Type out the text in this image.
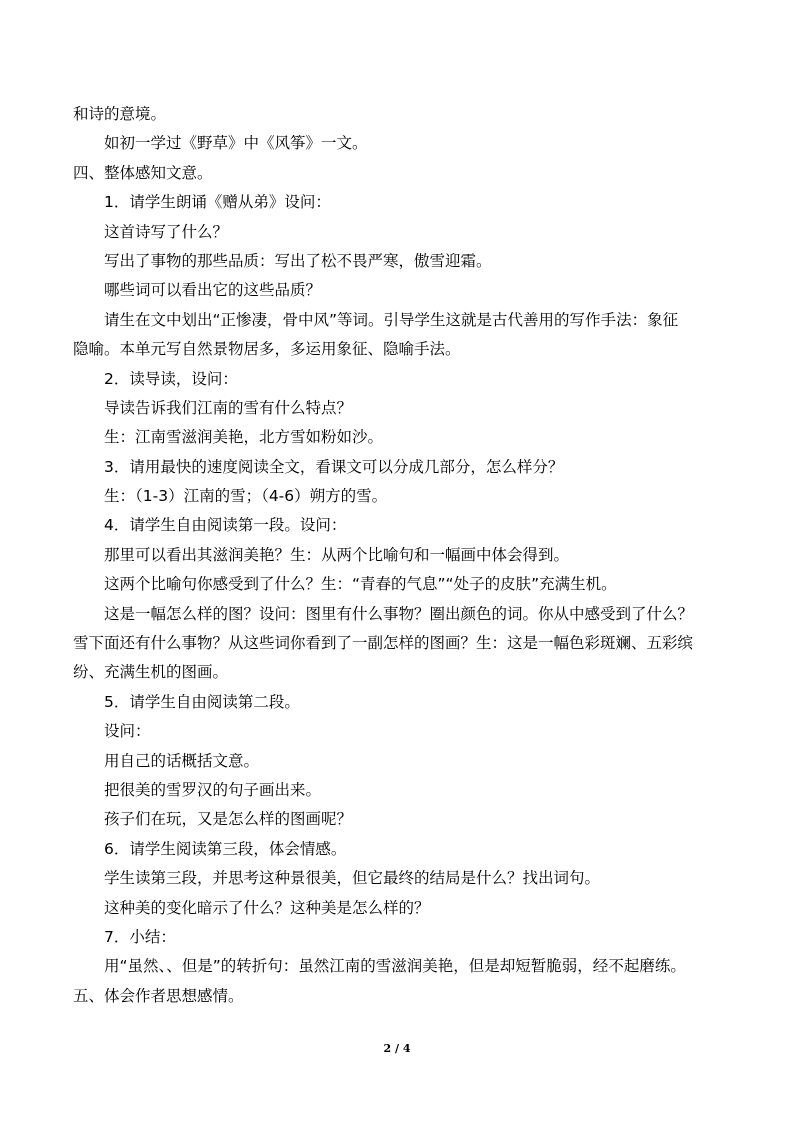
和诗的意境。
如初一学过《野草》中《风筝》一文。
四、整体感知文意。
1．请学生朗诵《赠从弟》设问：
这首诗写了什么？
写出了事物的那些品质：写出了松不畏严寒，傲雪迎霜。
哪些词可以看出它的这些品质？
请生在文中划出“正惨凄，骨中风”等词。引导学生这就是古代善用的写作手法：象征
隐喻。本单元写自然景物居多，多运用象征、隐喻手法。
2．读导读，设问：
导读告诉我们江南的雪有什么特点？
生：江南雪滋润美艳，北方雪如粉如沙。
3．请用最快的速度阅读全文，看课文可以分成几部分，怎么样分？
生：（1-3）江南的雪；（4-6）朔方的雪。
4．请学生自由阅读第一段。设问：
那里可以看出其滋润美艳？生：从两个比喻句和一幅画中体会得到。
这两个比喻句你感受到了什么？生：“青春的气息”“处子的皮肤”充满生机。
这是一幅怎么样的图？设问：图里有什么事物？圈出颜色的词。你从中感受到了什么？
雪下面还有什么事物？从这些词你看到了一副怎样的图画？生：这是一幅色彩斑斓、五彩缤
纷、充满生机的图画。
5．请学生自由阅读第二段。
设问：
用自己的话概括文意。
把很美的雪罗汉的句子画出来。
孩子们在玩，又是怎么样的图画呢？
6．请学生阅读第三段，体会情感。
学生读第三段，并思考这种景很美，但它最终的结局是什么？找出词句。
这种美的变化暗示了什么？这种美是怎么样的？
7．小结：
用“虽然、、但是”的转折句：虽然江南的雪滋润美艳，但是却短暂脆弱，经不起磨练。
五、体会作者思想感情。
2 / 4
